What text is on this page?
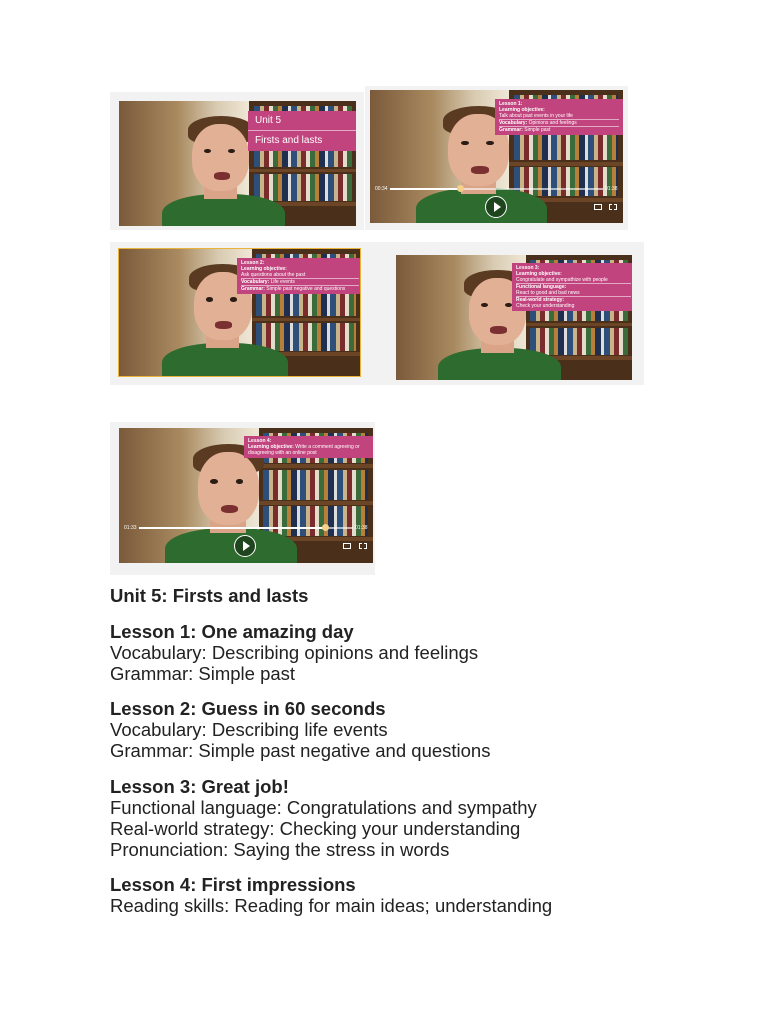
Unit 5
Firsts and lasts
Lesson 1:
Learning objective:
Talk about past events in your life
Vocabulary: Opinions and feelings
Grammar: Simple past
00:34	01:38
Lesson 2:
Learning objective:
Ask questions about the past
Vocabulary: Life events
Grammar: Simple past negative and questions
Lesson 3:
Learning objective:
Congratulate and sympathize with people
Functional language:
React to good and bad news
Real-world strategy:
Check your understanding
Lesson 4:
Learning objective: Write a comment agreeing or disagreeing with an online post
01:33	01:38
Unit 5: Firsts and lasts
Lesson 1: One amazing day
Vocabulary: Describing opinions and feelings
Grammar: Simple past
Lesson 2: Guess in 60 seconds
Vocabulary: Describing life events
Grammar: Simple past negative and questions
Lesson 3: Great job!
Functional language: Congratulations and sympathy
Real-world strategy: Checking your understanding
Pronunciation: Saying the stress in words
Lesson 4: First impressions
Reading skills: Reading for main ideas; understanding
